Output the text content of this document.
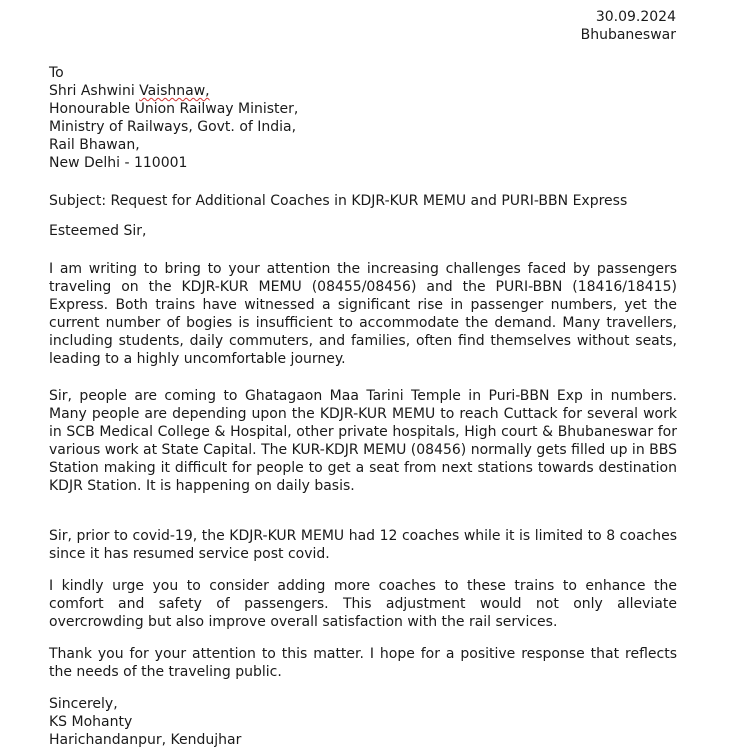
30.09.2024
Bhubaneswar
To
Shri Ashwini Vaishnaw,
Honourable Union Railway Minister,
Ministry of Railways, Govt. of India,
Rail Bhawan,
New Delhi - 110001

Subject: Request for Additional Coaches in KDJR-KUR MEMU and PURI-BBN Express

Esteemed Sir,

I am writing to bring to your attention the increasing challenges faced by passengers traveling on the KDJR-KUR MEMU (08455/08456) and the PURI-BBN (18416/18415) Express. Both trains have witnessed a significant rise in passenger numbers, yet the current number of bogies is insufficient to accommodate the demand. Many travellers, including students, daily commuters, and families, often find themselves without seats, leading to a highly uncomfortable journey.

Sir, people are coming to Ghatagaon Maa Tarini Temple in Puri-BBN Exp in numbers. Many people are depending upon the KDJR-KUR MEMU to reach Cuttack for several work in SCB Medical College & Hospital, other private hospitals, High court & Bhubaneswar for various work at State Capital. The KUR-KDJR MEMU (08456) normally gets filled up in BBS Station making it difficult for people to get a seat from next stations towards destination KDJR Station. It is happening on daily basis.

Sir, prior to covid-19, the KDJR-KUR MEMU had 12 coaches while it is limited to 8 coaches since it has resumed service post covid.

I kindly urge you to consider adding more coaches to these trains to enhance the comfort and safety of passengers. This adjustment would not only alleviate overcrowding but also improve overall satisfaction with the rail services.

Thank you for your attention to this matter. I hope for a positive response that reflects the needs of the traveling public.

Sincerely,
KS Mohanty
Harichandanpur, Kendujhar
